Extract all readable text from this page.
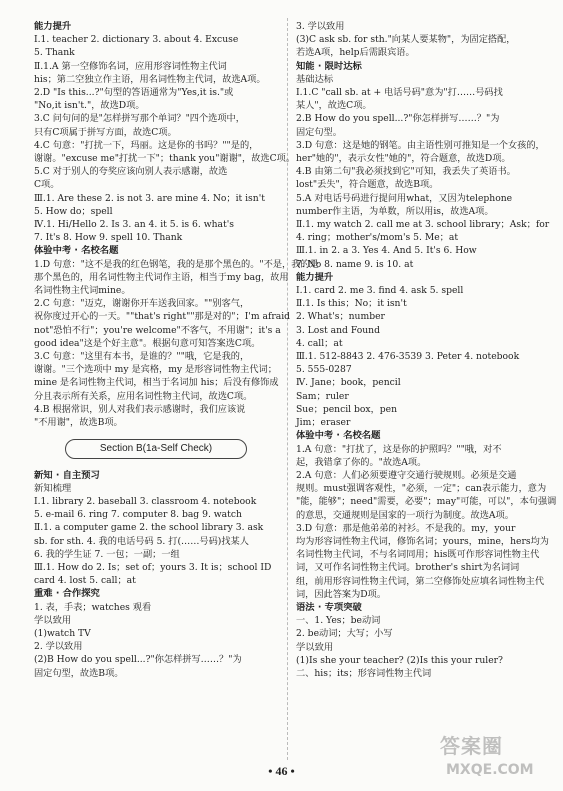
能力提升
Ⅰ.1. teacher 2. dictionary 3. about 4. Excuse
5. Thank
Ⅱ.1.A 第一空修饰名词，应用形容词性物主代词
his；第二空独立作主语，用名词性物主代词，故选A项。
2.D "Is this...?"句型的答语通常为"Yes,it is."或
"No,it isn't."，故选D项。
3.C 问句问的是"怎样拼写那个单词？"四个选项中，
只有C项属于拼写方面，故选C项。
4.C 句意："打扰一下，玛丽。这是你的书吗？""是的，
谢谢。"excuse me"打扰一下"；thank you"谢谢"，故选C项。
5.C 对于别人的夸奖应该向别人表示感谢，故选
C项。
Ⅲ.1. Are these 2. is not 3. are mine 4. No；it isn't
5. How do；spell
Ⅳ.1. Hi/Hello 2. Is 3. an 4. it 5. is 6. what's
7. It's 8. How 9. spell 10. Thank
体验中考 · 名校名题
1.D 句意："这不是我的红色钢笔，我的是那个黑色的。"不是，我的是
那个黑色的，用名词性物主代词作主语，相当于my bag，故用
名词性物主代词mine。
2.C 句意："迈克，谢谢你开车送我回家。""别客气，
祝你度过开心的一天。""that's right""那是对的"；I'm afraid
not"恐怕不行"；you're welcome"不客气，不用谢"；it's a
good idea"这是个好主意"。根据句意可知答案选C项。
3.C 句意："这里有本书，是谁的？""哦，它是我的，
谢谢。"三个选项中 my 是宾格，my 是形容词性物主代词；
mine 是名词性物主代词，相当于名词加 his；后没有修饰成
分且表示所有关系，应用名词性物主代词，故选C项。
4.B 根据常识，别人对我们表示感谢时，我们应该说
"不用谢"，故选B项。
Section B(1a-Self Check)
新知 · 自主预习
新知梳理
Ⅰ.1. library 2. baseball 3. classroom 4. notebook
5. e-mail 6. ring 7. computer 8. bag 9. watch
Ⅱ.1. a computer game 2. the school library 3. ask
sb. for sth. 4. 我的电话号码 5. 打(……号码)找某人
6. 我的学生证 7. 一包；一副；一组
Ⅲ.1. How do 2. Is；set of；yours 3. It is；school ID
card 4. lost 5. call；at
重难 · 合作探究
1. 表，手表；watches 观看
学以致用
(1)watch TV
2. 学以致用
(2)B How do you spell...?"你怎样拼写……？"为
固定句型，故选B项。
3. 学以致用
(3)C ask sb. for sth."向某人要某物"，为固定搭配，
若选A项，help后需跟宾语。
知能 · 限时达标
基础达标
Ⅰ.1.C "call sb. at + 电话号码"意为"打……号码找
某人"，故选C项。
2.B How do you spell...?"你怎样拼写……？"为
固定句型。
3.D 句意：这是她的钢笔。由主语性别可推知是一个女孩的，
her"她的"，表示女性"她的"，符合题意，故选D项。
4.B 由第二句"我必须找到它"可知，我丢失了英语书。
lost"丢失"，符合题意，故选B项。
5.A 对电话号码进行提问用what，又因为telephone
number作主语，为单数，所以用is，故选A项。
Ⅱ.1. my watch 2. call me at 3. school library；Ask；for
4. ring；mother's/mom's 5. Me；at
Ⅲ.1. in 2. a 3. Yes 4. And 5. It's 6. How
7. No 8. name 9. is 10. at
能力提升
Ⅰ.1. card 2. me 3. find 4. ask 5. spell
Ⅱ.1. Is this；No；it isn't
2. What's；number
3. Lost and Found
4. call；at
Ⅲ.1. 512-8843 2. 476-3539 3. Peter 4. notebook
5. 555-0287
Ⅳ. Jane；book，pencil
Sam；ruler
Sue；pencil box，pen
Jim；eraser
体验中考 · 名校名题
1.A 句意："打扰了，这是你的护照吗？""哦，对不
起，我错拿了你的。"故选A项。
2.A 句意：人们必须要遵守交通行驶规则。必须是交通
规则。must强调客观性，"必须，一定"；can表示能力，意为
"能，能够"；need"需要，必要"；may"可能，可以"，本句强调
的意思，交通规则是国家的一项行为制度。故选A项。
3.D 句意：那是他弟弟的衬衫。不是我的。my，your
均为形容词性物主代词，修饰名词；yours，mine，hers均为
名词性物主代词，不与名词同用；his既可作形容词性物主代
词，又可作名词性物主代词。brother's shirt为名词词
组，前用形容词性物主代词，第二空修饰处应填名词性物主代
词，因此答案为D项。
语法 · 专项突破
一、1. Yes；be动词
2. be动词；大写；小写
学以致用
(1)Is she your teacher? (2)Is this your ruler?
二、his；its；形容词性物主代词
• 46 •
答案圈
MXQE.COM
